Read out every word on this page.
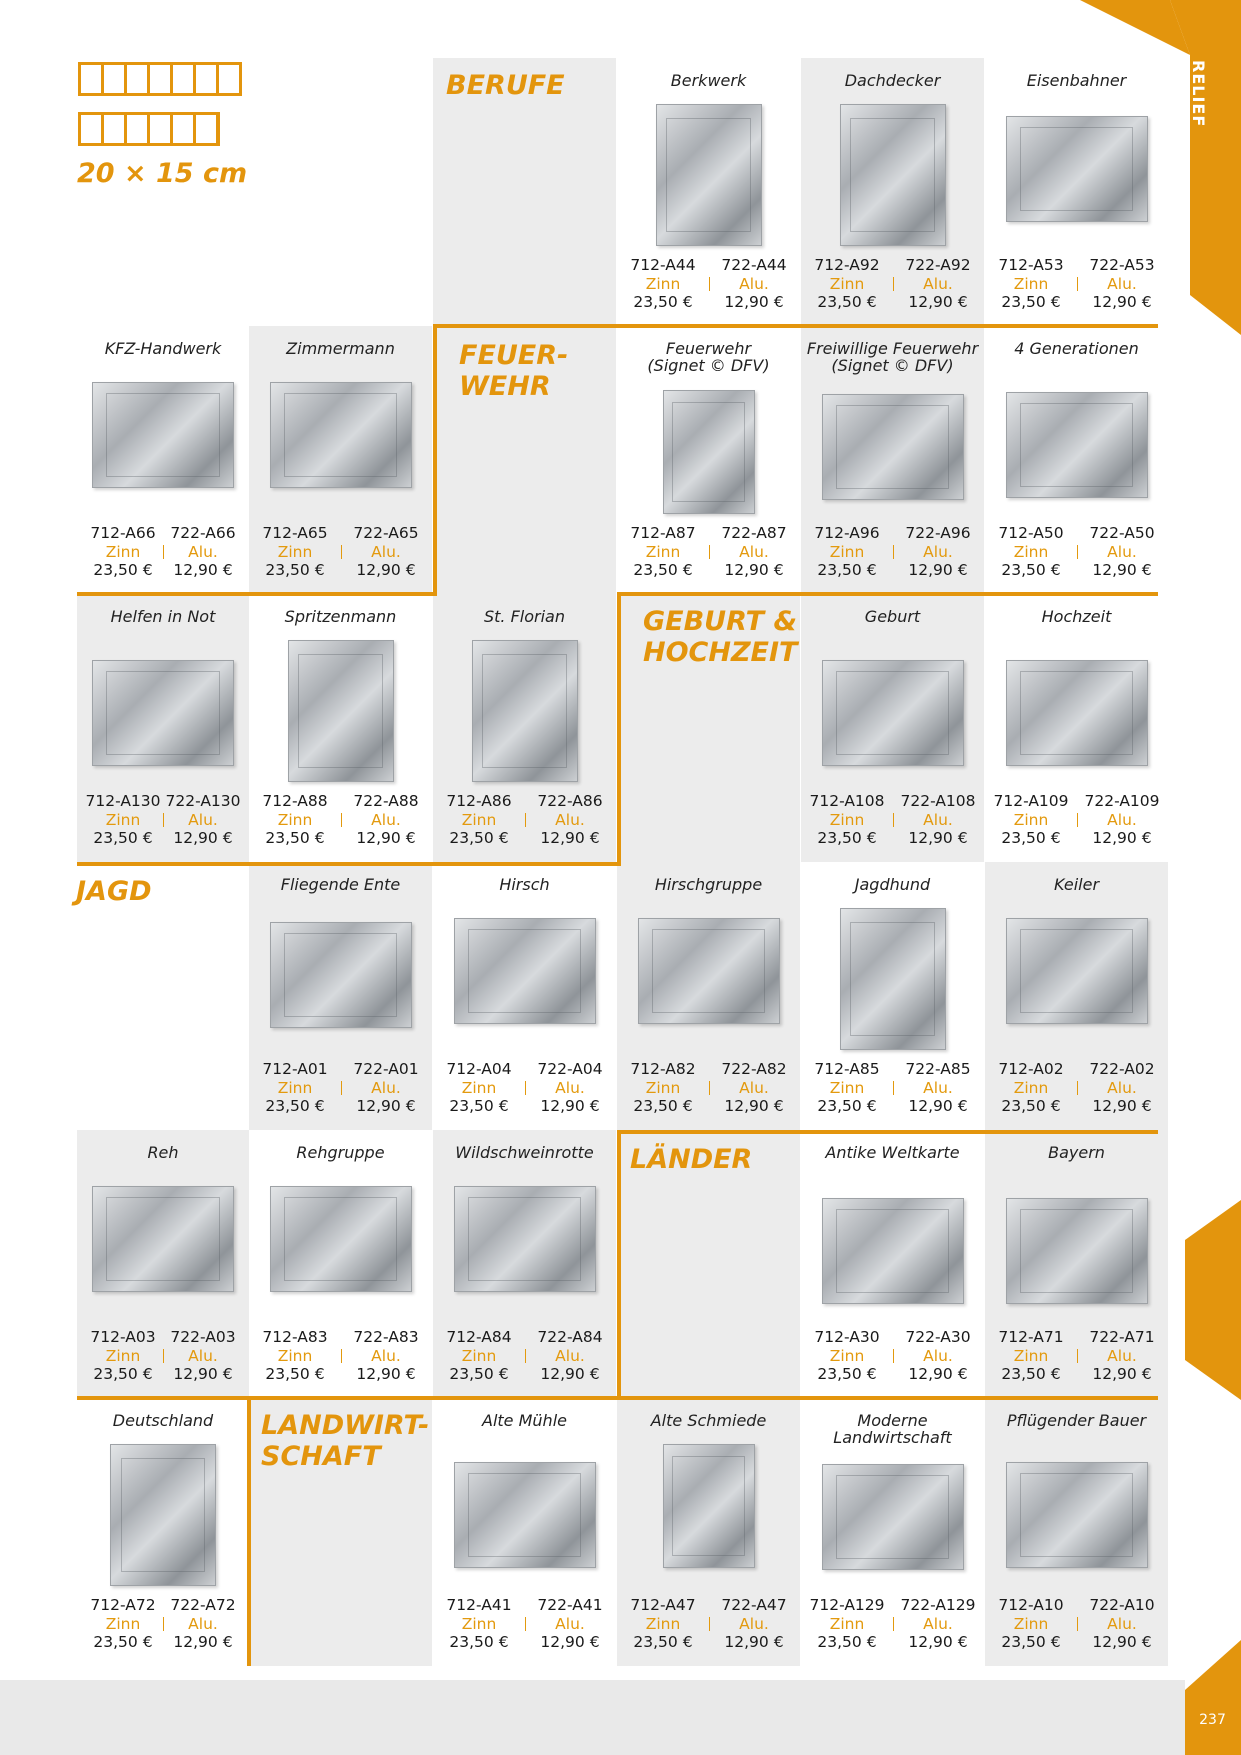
RELIEF
237
20 × 15 cm
BERUFE
FEUER-
WEHR
GEBURT &
HOCHZEIT
JAGD
LÄNDER
LANDWIRT-
SCHAFT
Berkwerk
712-A44
Zinn
23,50 €
722-A44
Alu.
12,90 €
Dachdecker
712-A92
Zinn
23,50 €
722-A92
Alu.
12,90 €
Eisenbahner
712-A53
Zinn
23,50 €
722-A53
Alu.
12,90 €
KFZ-Handwerk
712-A66
Zinn
23,50 €
722-A66
Alu.
12,90 €
Zimmermann
712-A65
Zinn
23,50 €
722-A65
Alu.
12,90 €
Feuerwehr
(Signet © DFV)
712-A87
Zinn
23,50 €
722-A87
Alu.
12,90 €
Freiwillige Feuerwehr
(Signet © DFV)
712-A96
Zinn
23,50 €
722-A96
Alu.
12,90 €
4 Generationen
712-A50
Zinn
23,50 €
722-A50
Alu.
12,90 €
Helfen in Not
712-A130
Zinn
23,50 €
722-A130
Alu.
12,90 €
Spritzenmann
712-A88
Zinn
23,50 €
722-A88
Alu.
12,90 €
St. Florian
712-A86
Zinn
23,50 €
722-A86
Alu.
12,90 €
Geburt
712-A108
Zinn
23,50 €
722-A108
Alu.
12,90 €
Hochzeit
712-A109
Zinn
23,50 €
722-A109
Alu.
12,90 €
Fliegende Ente
712-A01
Zinn
23,50 €
722-A01
Alu.
12,90 €
Hirsch
712-A04
Zinn
23,50 €
722-A04
Alu.
12,90 €
Hirschgruppe
712-A82
Zinn
23,50 €
722-A82
Alu.
12,90 €
Jagdhund
712-A85
Zinn
23,50 €
722-A85
Alu.
12,90 €
Keiler
712-A02
Zinn
23,50 €
722-A02
Alu.
12,90 €
Reh
712-A03
Zinn
23,50 €
722-A03
Alu.
12,90 €
Rehgruppe
712-A83
Zinn
23,50 €
722-A83
Alu.
12,90 €
Wildschweinrotte
712-A84
Zinn
23,50 €
722-A84
Alu.
12,90 €
Antike Weltkarte
712-A30
Zinn
23,50 €
722-A30
Alu.
12,90 €
Bayern
712-A71
Zinn
23,50 €
722-A71
Alu.
12,90 €
Deutschland
712-A72
Zinn
23,50 €
722-A72
Alu.
12,90 €
Alte Mühle
712-A41
Zinn
23,50 €
722-A41
Alu.
12,90 €
Alte Schmiede
712-A47
Zinn
23,50 €
722-A47
Alu.
12,90 €
Moderne
Landwirtschaft
712-A129
Zinn
23,50 €
722-A129
Alu.
12,90 €
Pflügender Bauer
712-A10
Zinn
23,50 €
722-A10
Alu.
12,90 €
